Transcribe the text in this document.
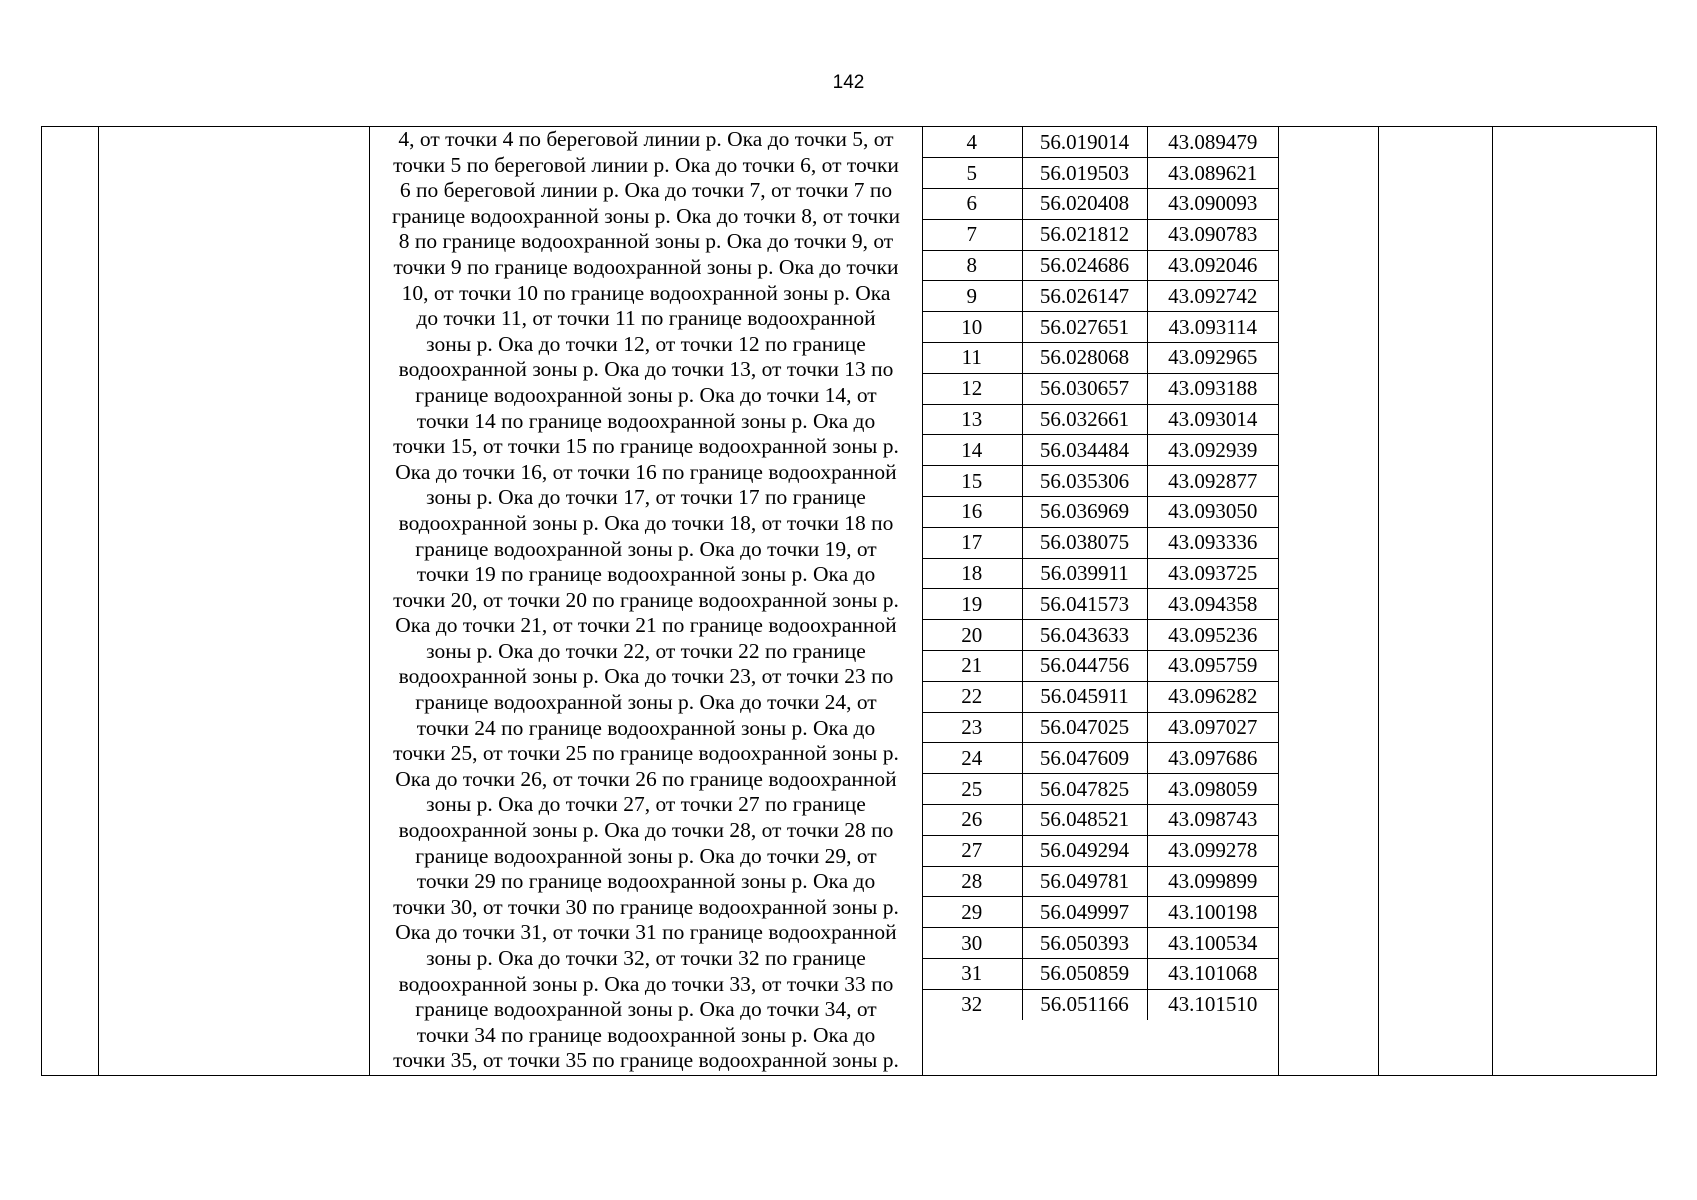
142
4, от точки 4 по береговой линии р. Ока до точки 5, от
точки 5 по береговой линии р. Ока до точки 6, от точки
6 по береговой линии р. Ока до точки 7, от точки 7 по
границе водоохранной зоны р. Ока до точки 8, от точки
8 по границе водоохранной зоны р. Ока до точки 9, от
точки 9 по границе водоохранной зоны р. Ока до точки
10, от точки 10 по границе водоохранной зоны р. Ока
до точки 11, от точки 11 по границе водоохранной
зоны р. Ока до точки 12, от точки 12 по границе
водоохранной зоны р. Ока до точки 13, от точки 13 по
границе водоохранной зоны р. Ока до точки 14, от
точки 14 по границе водоохранной зоны р. Ока до
точки 15, от точки 15 по границе водоохранной зоны р.
Ока до точки 16, от точки 16 по границе водоохранной
зоны р. Ока до точки 17, от точки 17 по границе
водоохранной зоны р. Ока до точки 18, от точки 18 по
границе водоохранной зоны р. Ока до точки 19, от
точки 19 по границе водоохранной зоны р. Ока до
точки 20, от точки 20 по границе водоохранной зоны р.
Ока до точки 21, от точки 21 по границе водоохранной
зоны р. Ока до точки 22, от точки 22 по границе
водоохранной зоны р. Ока до точки 23, от точки 23 по
границе водоохранной зоны р. Ока до точки 24, от
точки 24 по границе водоохранной зоны р. Ока до
точки 25, от точки 25 по границе водоохранной зоны р.
Ока до точки 26, от точки 26 по границе водоохранной
зоны р. Ока до точки 27, от точки 27 по границе
водоохранной зоны р. Ока до точки 28, от точки 28 по
границе водоохранной зоны р. Ока до точки 29, от
точки 29 по границе водоохранной зоны р. Ока до
точки 30, от точки 30 по границе водоохранной зоны р.
Ока до точки 31, от точки 31 по границе водоохранной
зоны р. Ока до точки 32, от точки 32 по границе
водоохранной зоны р. Ока до точки 33, от точки 33 по
границе водоохранной зоны р. Ока до точки 34, от
точки 34 по границе водоохранной зоны р. Ока до
точки 35, от точки 35 по границе водоохранной зоны р.
4	56.019014	43.089479
5	56.019503	43.089621
6	56.020408	43.090093
7	56.021812	43.090783
8	56.024686	43.092046
9	56.026147	43.092742
10	56.027651	43.093114
11	56.028068	43.092965
12	56.030657	43.093188
13	56.032661	43.093014
14	56.034484	43.092939
15	56.035306	43.092877
16	56.036969	43.093050
17	56.038075	43.093336
18	56.039911	43.093725
19	56.041573	43.094358
20	56.043633	43.095236
21	56.044756	43.095759
22	56.045911	43.096282
23	56.047025	43.097027
24	56.047609	43.097686
25	56.047825	43.098059
26	56.048521	43.098743
27	56.049294	43.099278
28	56.049781	43.099899
29	56.049997	43.100198
30	56.050393	43.100534
31	56.050859	43.101068
32	56.051166	43.101510
